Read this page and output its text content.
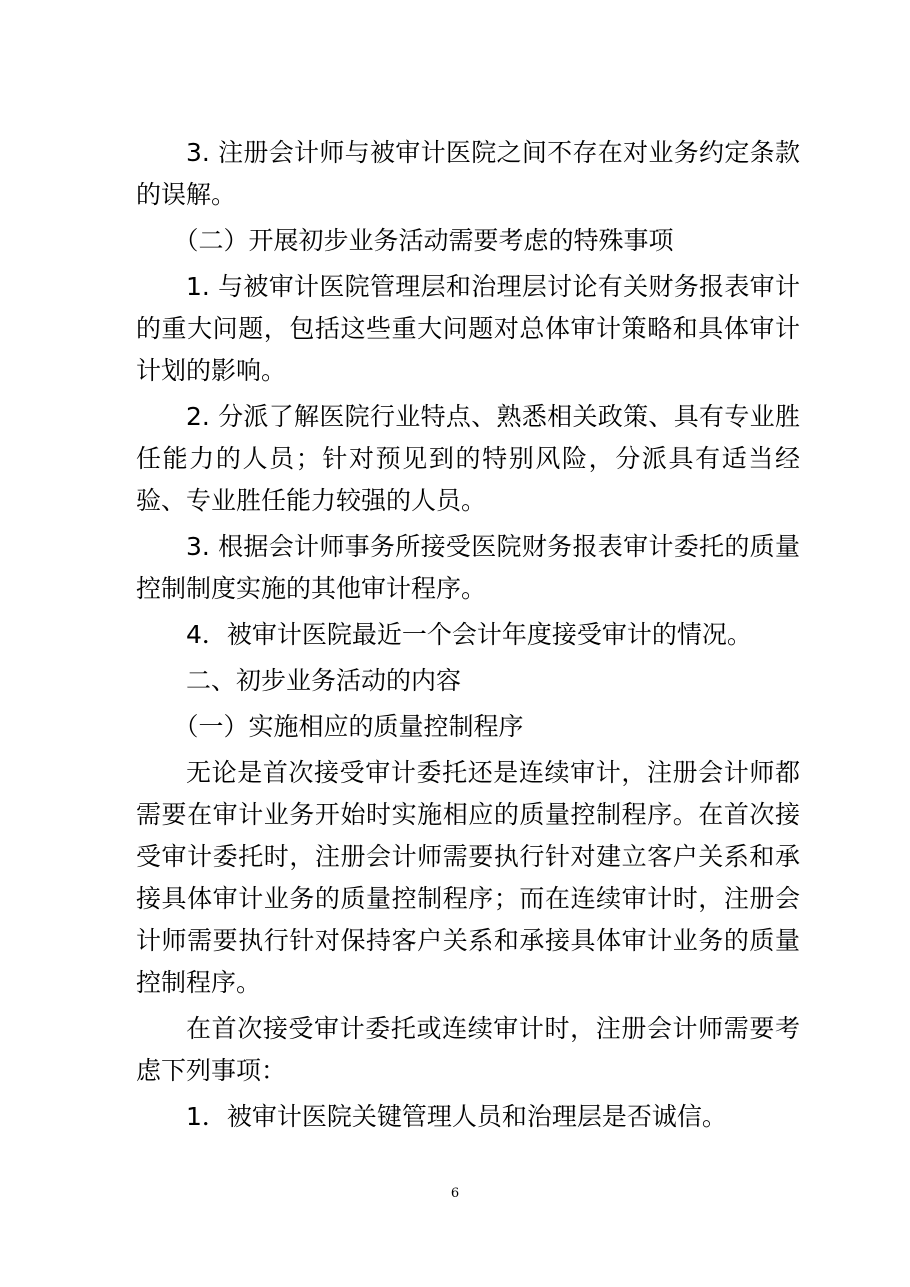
3. 注册会计师与被审计医院之间不存在对业务约定条款的误解。

（二）开展初步业务活动需要考虑的特殊事项

1. 与被审计医院管理层和治理层讨论有关财务报表审计的重大问题，包括这些重大问题对总体审计策略和具体审计计划的影响。

2. 分派了解医院行业特点、熟悉相关政策、具有专业胜任能力的人员；针对预见到的特别风险，分派具有适当经验、专业胜任能力较强的人员。

3. 根据会计师事务所接受医院财务报表审计委托的质量控制制度实施的其他审计程序。

4．被审计医院最近一个会计年度接受审计的情况。

二、初步业务活动的内容

（一）实施相应的质量控制程序

无论是首次接受审计委托还是连续审计，注册会计师都需要在审计业务开始时实施相应的质量控制程序。在首次接受审计委托时，注册会计师需要执行针对建立客户关系和承接具体审计业务的质量控制程序；而在连续审计时，注册会计师需要执行针对保持客户关系和承接具体审计业务的质量控制程序。

在首次接受审计委托或连续审计时，注册会计师需要考虑下列事项：

1．被审计医院关键管理人员和治理层是否诚信。

6
